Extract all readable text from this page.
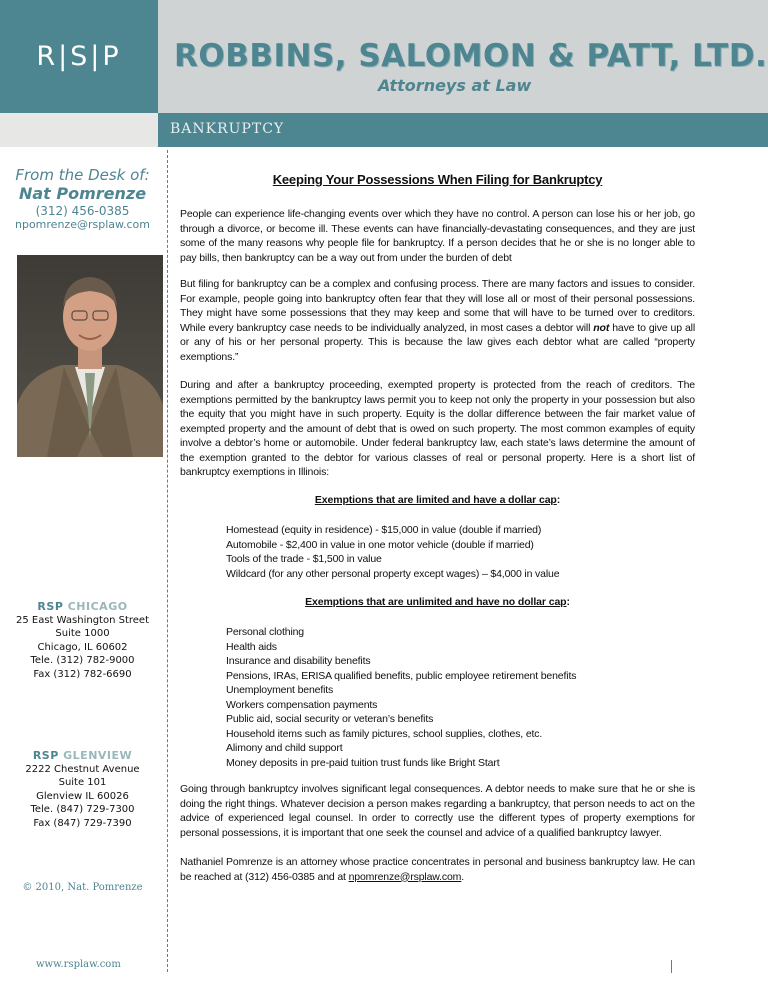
R|S|P ROBBINS, SALOMON & PATT, LTD.
Attorneys at Law
BANKRUPTCY
From the Desk of:
Nat Pomrenze
(312) 456-0385
npomrenze@rsplaw.com
RSP CHICAGO
25 East Washington Street
Suite 1000
Chicago, IL 60602
Tele. (312) 782-9000
Fax (312) 782-6690
RSP GLENVIEW
2222 Chestnut Avenue
Suite 101
Glenview IL 60026
Tele. (847) 729-7300
Fax (847) 729-7390
© 2010, Nat. Pomrenze
www.rsplaw.com
Keeping Your Possessions When Filing for Bankruptcy
People can experience life-changing events over which they have no control. A person can lose his or her job, go through a divorce, or become ill. These events can have financially-devastating consequences, and they are just some of the many reasons why people file for bankruptcy. If a person decides that he or she is no longer able to pay bills, then bankruptcy can be a way out from under the burden of debt
But filing for bankruptcy can be a complex and confusing process. There are many factors and issues to consider. For example, people going into bankruptcy often fear that they will lose all or most of their personal possessions. They might have some possessions that they may keep and some that will have to be turned over to creditors. While every bankruptcy case needs to be individually analyzed, in most cases a debtor will not have to give up all or any of his or her personal property. This is because the law gives each debtor what are called “property exemptions.”
During and after a bankruptcy proceeding, exempted property is protected from the reach of creditors. The exemptions permitted by the bankruptcy laws permit you to keep not only the property in your possession but also the equity that you might have in such property. Equity is the dollar difference between the fair market value of exempted property and the amount of debt that is owed on such property. The most common examples of equity involve a debtor’s home or automobile. Under federal bankruptcy law, each state’s laws determine the amount of the exemption granted to the debtor for various classes of real or personal property. Here is a short list of bankruptcy exemptions in Illinois:
Exemptions that are limited and have a dollar cap:
Homestead (equity in residence) - $15,000 in value (double if married)
Automobile - $2,400 in value in one motor vehicle (double if married)
Tools of the trade - $1,500 in value
Wildcard (for any other personal property except wages) – $4,000 in value
Exemptions that are unlimited and have no dollar cap:
Personal clothing
Health aids
Insurance and disability benefits
Pensions, IRAs, ERISA qualified benefits, public employee retirement benefits
Unemployment benefits
Workers compensation payments
Public aid, social security or veteran’s benefits
Household items such as family pictures, school supplies, clothes, etc.
Alimony and child support
Money deposits in pre-paid tuition trust funds like Bright Start
Going through bankruptcy involves significant legal consequences. A debtor needs to make sure that he or she is doing the right things. Whatever decision a person makes regarding a bankruptcy, that person needs to act on the advice of experienced legal counsel. In order to correctly use the different types of property exemptions for personal possessions, it is important that one seek the counsel and advice of a qualified bankruptcy lawyer.
Nathaniel Pomrenze is an attorney whose practice concentrates in personal and business bankruptcy law. He can be reached at (312) 456-0385 and at npomrenze@rsplaw.com.
